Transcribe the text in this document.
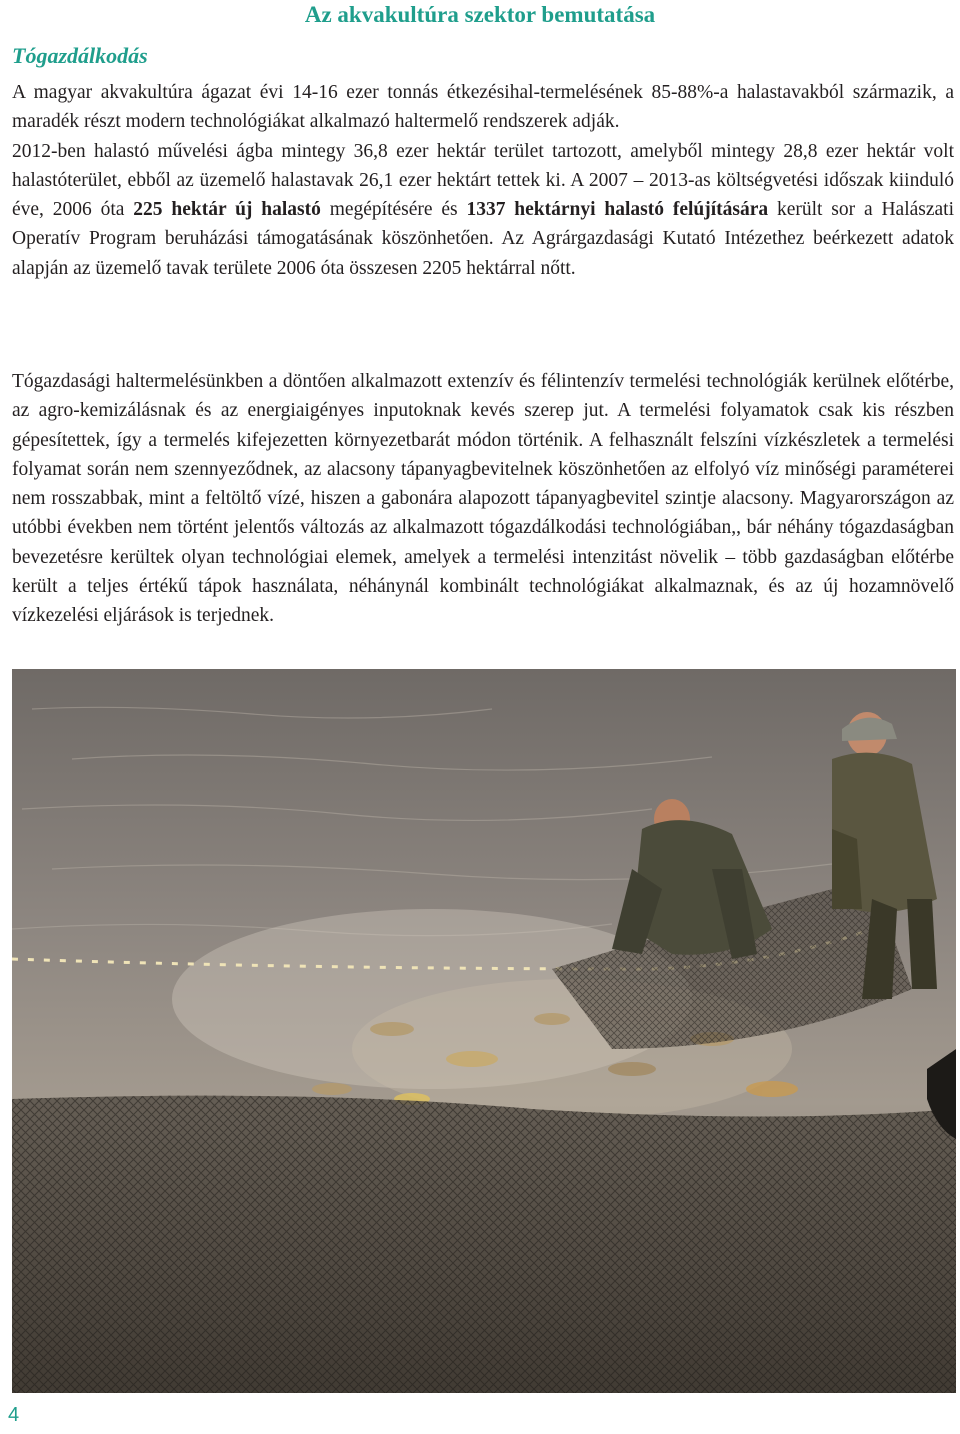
Az akvakultúra szektor bemutatása
Tógazdálkodás

A magyar akvakultúra ágazat évi 14-16 ezer tonnás étkezésihal-termelésének 85-88%-a halastavakból származik, a maradék részt modern technológiákat alkalmazó haltermelő rendszerek adják.
2012-ben halastó művelési ágba mintegy 36,8 ezer hektár terület tartozott, amelyből mintegy 28,8 ezer hektár volt halastóterület, ebből az üzemelő halastavak 26,1 ezer hektárt tettek ki. A 2007 – 2013-as költségvetési időszak kiinduló éve, 2006 óta 225 hektár új halastó megépítésére és 1337 hektárnyi halastó felújítására került sor a Halászati Operatív Program beruházási támogatásának köszönhetően. Az Agrárgazdasági Kutató Intézethez beérkezett adatok alapján az üzemelő tavak területe 2006 óta összesen 2205 hektárral nőtt.

Tógazdasági haltermelésünkben a döntően alkalmazott extenzív és félintenzív termelési technológiák kerülnek előtérbe, az agro-kemizálásnak és az energiaigényes inputoknak kevés szerep jut. A termelési folyamatok csak kis részben gépesítettek, így a termelés kifejezetten környezetbarát módon történik. A felhasznált felszíni vízkészletek a termelési folyamat során nem szennyeződnek, az alacsony tápanyagbevitelnek köszönhetően az elfolyó víz minőségi paraméterei nem rosszabbak, mint a feltöltő vízé, hiszen a gabonára alapozott tápanyagbevitel szintje alacsony. Magyarországon az utóbbi években nem történt jelentős változás az alkalmazott tógazdálkodási technológiában,, bár néhány tógazdaságban bevezetésre kerültek olyan technológiai elemek, amelyek a termelési intenzitást növelik – több gazdaságban előtérbe került a teljes értékű tápok használata, néhánynál kombinált technológiákat alkalmaznak, és az új hozamnövelő vízkezelési eljárások is terjednek.

4
